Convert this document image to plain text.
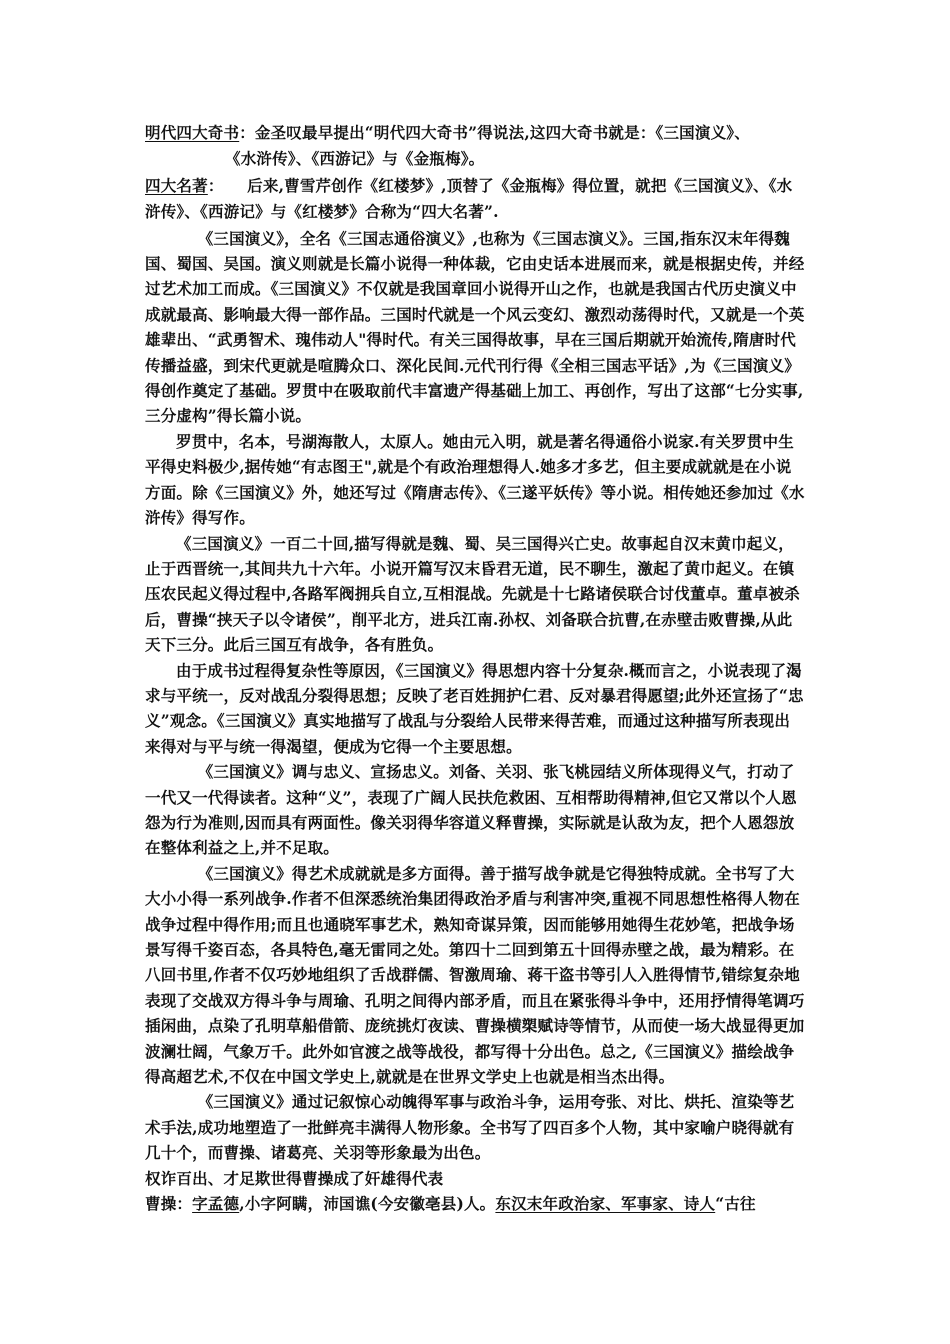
明代四大奇书：金圣叹最早提出“明代四大奇书”得说法,这四大奇书就是：《三国演义》、

《水浒传》、《西游记》与《金瓶梅》。

四大名著：　　后来,曹雪芹创作《红楼梦》,顶替了《金瓶梅》得位置，就把《三国演义》、《水浒传》、《西游记》与《红楼梦》合称为“四大名著”.

《三国演义》，全名《三国志通俗演义》,也称为《三国志演义》。三国,指东汉末年得魏国、蜀国、吴国。演义则就是长篇小说得一种体裁，它由史话本进展而来，就是根据史传，并经过艺术加工而成。《三国演义》不仅就是我国章回小说得开山之作，也就是我国古代历史演义中成就最高、影响最大得一部作品。三国时代就是一个风云变幻、激烈动荡得时代，又就是一个英雄辈出、“武勇智术、瑰伟动人"得时代。有关三国得故事，早在三国后期就开始流传,隋唐时代传播益盛，到宋代更就是喧腾众口、深化民间.元代刊行得《全相三国志平话》,为《三国演义》得创作奠定了基础。罗贯中在吸取前代丰富遗产得基础上加工、再创作，写出了这部“七分实事,三分虚构”得长篇小说。

罗贯中，名本，号湖海散人，太原人。她由元入明，就是著名得通俗小说家.有关罗贯中生平得史料极少,据传她“有志图王",就是个有政治理想得人.她多才多艺，但主要成就就是在小说方面。除《三国演义》外，她还写过《隋唐志传》、《三遂平妖传》等小说。相传她还参加过《水浒传》得写作。

《三国演义》一百二十回,描写得就是魏、蜀、吴三国得兴亡史。故事起自汉末黄巾起义，止于西晋统一,其间共九十六年。小说开篇写汉末昏君无道，民不聊生，激起了黄巾起义。在镇压农民起义得过程中,各路军阀拥兵自立,互相混战。先就是十七路诸侯联合讨伐董卓。董卓被杀后，曹操“挟天子以令诸侯”，削平北方，进兵江南.孙权、刘备联合抗曹,在赤壁击败曹操,从此天下三分。此后三国互有战争，各有胜负。

由于成书过程得复杂性等原因，《三国演义》得思想内容十分复杂.概而言之，小说表现了渴求与平统一，反对战乱分裂得思想；反映了老百姓拥护仁君、反对暴君得愿望;此外还宣扬了“忠义”观念。《三国演义》真实地描写了战乱与分裂给人民带来得苦难，而通过这种描写所表现出来得对与平与统一得渴望，便成为它得一个主要思想。

《三国演义》调与忠义、宣扬忠义。刘备、关羽、张飞桃园结义所体现得义气，打动了一代又一代得读者。这种“义”，表现了广阔人民扶危救困、互相帮助得精神,但它又常以个人恩怨为行为准则,因而具有两面性。像关羽得华容道义释曹操，实际就是认敌为友，把个人恩怨放在整体利益之上,并不足取。

《三国演义》得艺术成就就是多方面得。善于描写战争就是它得独特成就。全书写了大大小小得一系列战争.作者不但深悉统治集团得政治矛盾与利害冲突,重视不同思想性格得人物在战争过程中得作用;而且也通晓军事艺术，熟知奇谋异策，因而能够用她得生花妙笔，把战争场景写得千姿百态，各具特色,毫无雷同之处。第四十二回到第五十回得赤壁之战，最为精彩。在八回书里,作者不仅巧妙地组织了舌战群儒、智激周瑜、蒋干盗书等引人入胜得情节,错综复杂地表现了交战双方得斗争与周瑜、孔明之间得内部矛盾，而且在紧张得斗争中，还用抒情得笔调巧插闲曲，点染了孔明草船借箭、庞统挑灯夜读、曹操横槊赋诗等情节，从而使一场大战显得更加波澜壮阔，气象万千。此外如官渡之战等战役，都写得十分出色。总之,《三国演义》描绘战争得高超艺术,不仅在中国文学史上,就就是在世界文学史上也就是相当杰出得。

《三国演义》通过记叙惊心动魄得军事与政治斗争，运用夸张、对比、烘托、渲染等艺术手法,成功地塑造了一批鲜亮丰满得人物形象。全书写了四百多个人物，其中家喻户晓得就有几十个，而曹操、诸葛亮、关羽等形象最为出色。

权诈百出、才足欺世得曹操成了奸雄得代表

曹操：字孟德,小字阿瞒，沛国谯(今安徽亳县)人。东汉末年政治家、军事家、诗人“古往
